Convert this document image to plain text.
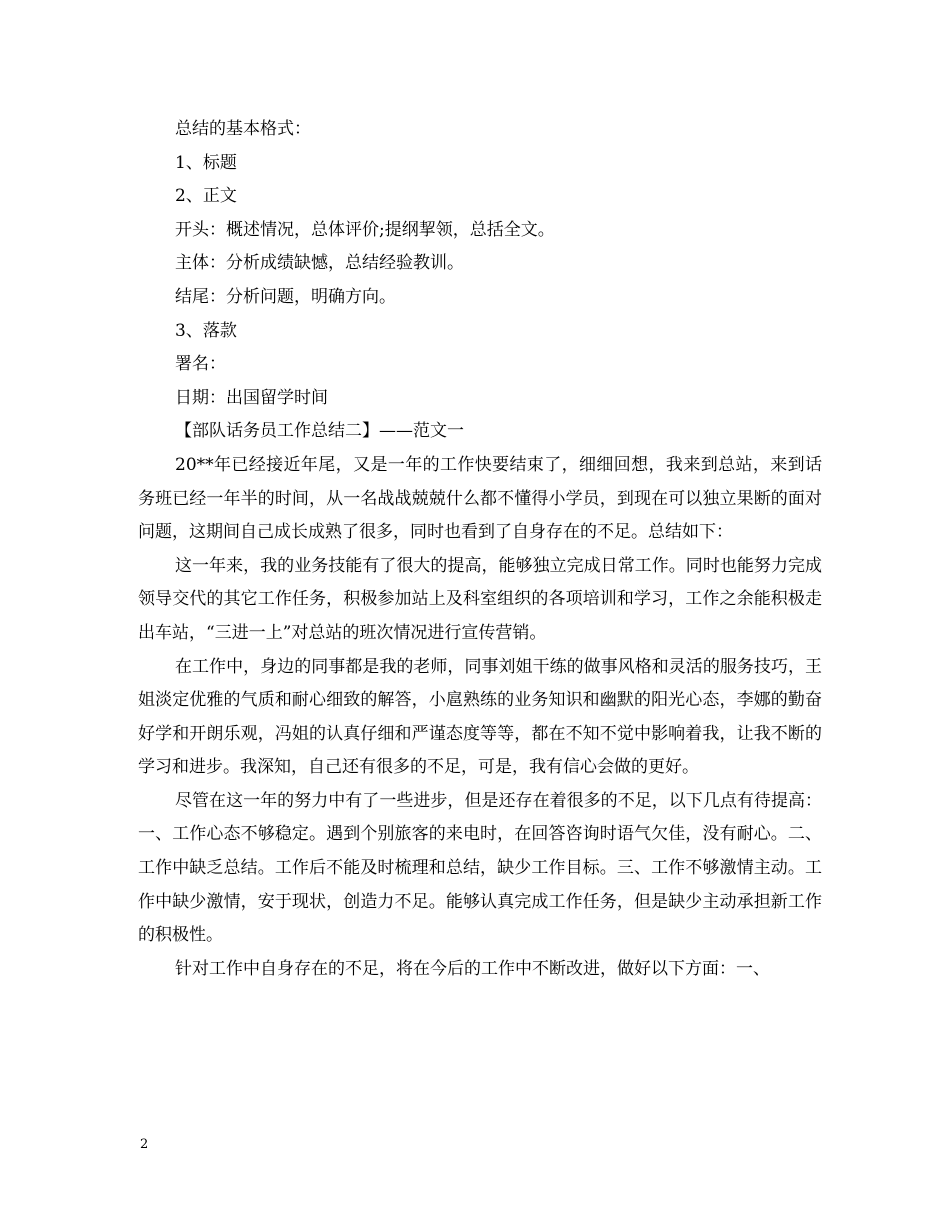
总结的基本格式：
1、标题
2、正文
开头：概述情况，总体评价;提纲挈领，总括全文。
主体：分析成绩缺憾，总结经验教训。
结尾：分析问题，明确方向。
3、落款
署名：
日期：出国留学时间
【部队话务员工作总结二】——范文一

20**年已经接近年尾，又是一年的工作快要结束了，细细回想，我来到总站，来到话务班已经一年半的时间，从一名战战兢兢什么都不懂得小学员，到现在可以独立果断的面对问题，这期间自己成长成熟了很多，同时也看到了自身存在的不足。总结如下：

这一年来，我的业务技能有了很大的提高，能够独立完成日常工作。同时也能努力完成领导交代的其它工作任务，积极参加站上及科室组织的各项培训和学习，工作之余能积极走出车站，“三进一上”对总站的班次情况进行宣传营销。

在工作中，身边的同事都是我的老师，同事刘姐干练的做事风格和灵活的服务技巧，王姐淡定优雅的气质和耐心细致的解答，小扈熟练的业务知识和幽默的阳光心态，李娜的勤奋好学和开朗乐观，冯姐的认真仔细和严谨态度等等，都在不知不觉中影响着我，让我不断的学习和进步。我深知，自己还有很多的不足，可是，我有信心会做的更好。

尽管在这一年的努力中有了一些进步，但是还存在着很多的不足，以下几点有待提高：一、工作心态不够稳定。遇到个别旅客的来电时，在回答咨询时语气欠佳，没有耐心。二、工作中缺乏总结。工作后不能及时梳理和总结，缺少工作目标。三、工作不够激情主动。工作中缺少激情，安于现状，创造力不足。能够认真完成工作任务，但是缺少主动承担新工作的积极性。

针对工作中自身存在的不足，将在今后的工作中不断改进，做好以下方面：一、

2
